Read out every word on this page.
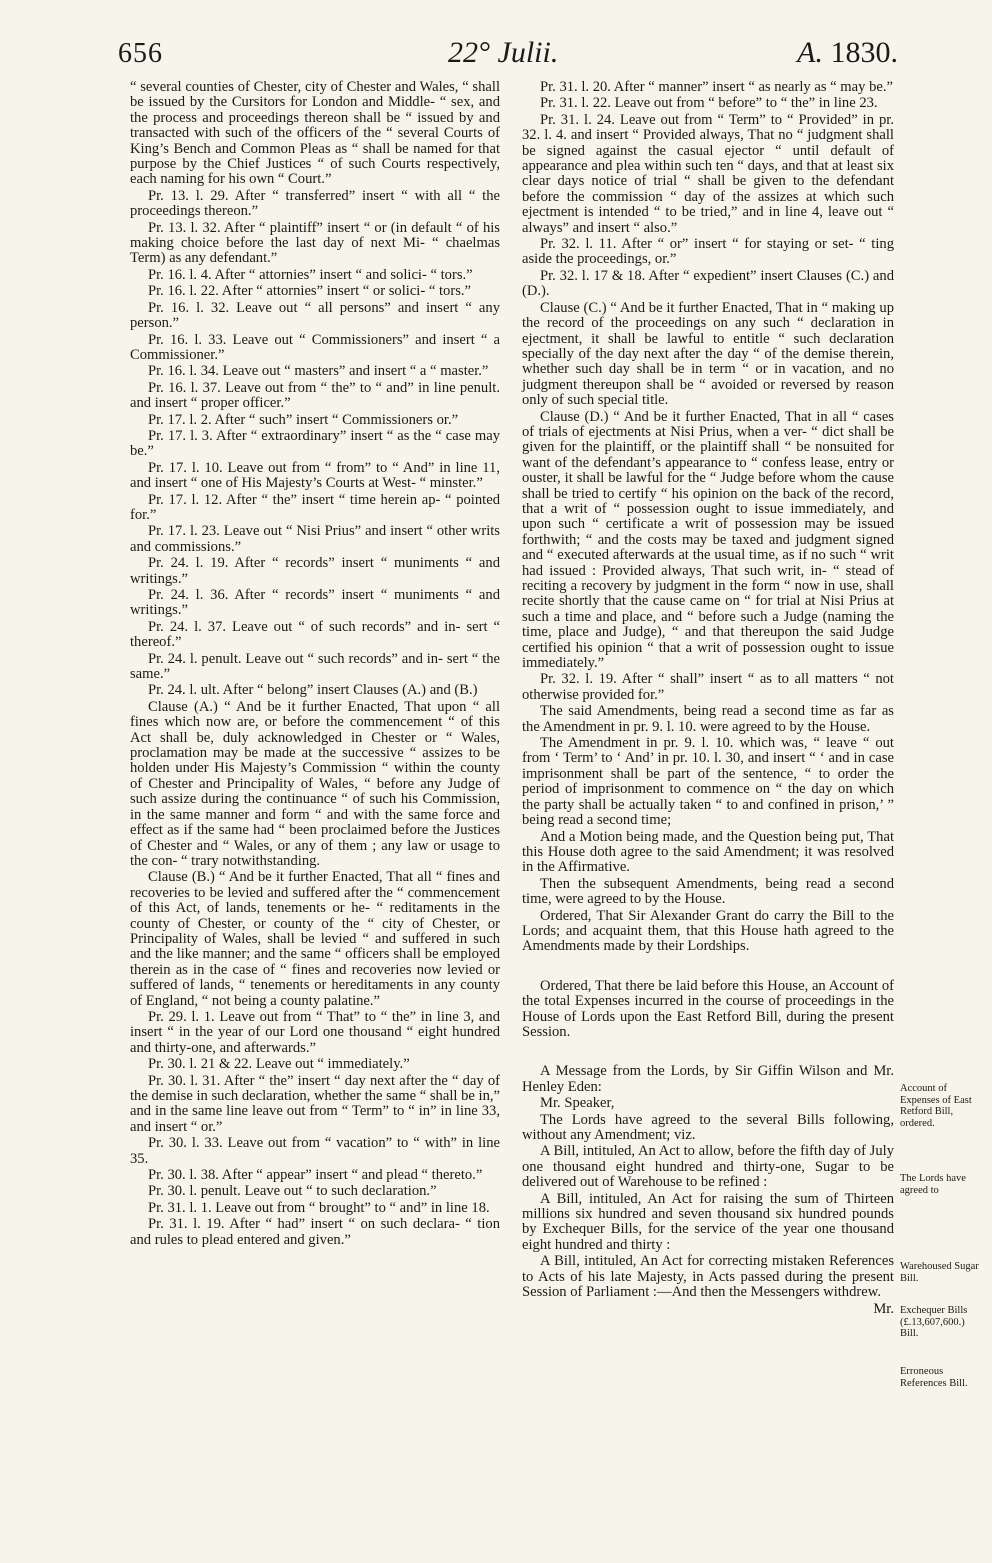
656	22° Julii.	A. 1830.

“ several counties of Chester, city of Chester and Wales, “ shall be issued by the Cursitors for London and Middle- “ sex, and the process and proceedings thereon shall be “ issued by and transacted with such of the officers of the “ several Courts of King’s Bench and Common Pleas as “ shall be named for that purpose by the Chief Justices “ of such Courts respectively, each naming for his own “ Court.”

Pr. 13. l. 29. After “ transferred” insert “ with all “ the proceedings thereon.”

Pr. 13. l. 32. After “ plaintiff” insert “ or (in default “ of his making choice before the last day of next Mi- “ chaelmas Term) as any defendant.”

Pr. 16. l. 4. After “ attornies” insert “ and solici- “ tors.”

Pr. 16. l. 22. After “ attornies” insert “ or solici- “ tors.”

Pr. 16. l. 32. Leave out “ all persons” and insert “ any person.”

Pr. 16. l. 33. Leave out “ Commissioners” and insert “ a Commissioner.”

Pr. 16. l. 34. Leave out “ masters” and insert “ a “ master.”

Pr. 16. l. 37. Leave out from “ the” to “ and” in line penult. and insert “ proper officer.”

Pr. 17. l. 2. After “ such” insert “ Commissioners or.”

Pr. 17. l. 3. After “ extraordinary” insert “ as the “ case may be.”

Pr. 17. l. 10. Leave out from “ from” to “ And” in line 11, and insert “ one of His Majesty’s Courts at West- “ minster.”

Pr. 17. l. 12. After “ the” insert “ time herein ap- “ pointed for.”

Pr. 17. l. 23. Leave out “ Nisi Prius” and insert “ other writs and commissions.”

Pr. 24. l. 19. After “ records” insert “ muniments “ and writings.”

Pr. 24. l. 36. After “ records” insert “ muniments “ and writings.”

Pr. 24. l. 37. Leave out “ of such records” and in- sert “ thereof.”

Pr. 24. l. penult. Leave out “ such records” and in- sert “ the same.”

Pr. 24. l. ult. After “ belong” insert Clauses (A.) and (B.)

Clause (A.) “ And be it further Enacted, That upon “ all fines which now are, or before the commencement “ of this Act shall be, duly acknowledged in Chester or “ Wales, proclamation may be made at the successive “ assizes to be holden under His Majesty’s Commission “ within the county of Chester and Principality of Wales, “ before any Judge of such assize during the continuance “ of such his Commission, in the same manner and form “ and with the same force and effect as if the same had “ been proclaimed before the Justices of Chester and “ Wales, or any of them ; any law or usage to the con- “ trary notwithstanding.

Clause (B.) “ And be it further Enacted, That all “ fines and recoveries to be levied and suffered after the “ commencement of this Act, of lands, tenements or he- “ reditaments in the county of Chester, or county of the “ city of Chester, or Principality of Wales, shall be levied “ and suffered in such and the like manner; and the same “ officers shall be employed therein as in the case of “ fines and recoveries now levied or suffered of lands, “ tenements or hereditaments in any county of England, “ not being a county palatine.”

Pr. 29. l. 1. Leave out from “ That” to “ the” in line 3, and insert “ in the year of our Lord one thousand “ eight hundred and thirty-one, and afterwards.”

Pr. 30. l. 21 & 22. Leave out “ immediately.”

Pr. 30. l. 31. After “ the” insert “ day next after the “ day of the demise in such declaration, whether the same “ shall be in,” and in the same line leave out from “ Term” to “ in” in line 33, and insert “ or.”

Pr. 30. l. 33. Leave out from “ vacation” to “ with” in line 35.

Pr. 30. l. 38. After “ appear” insert “ and plead “ thereto.”

Pr. 30. l. penult. Leave out “ to such declaration.”

Pr. 31. l. 1. Leave out from “ brought” to “ and” in line 18.

Pr. 31. l. 19. After “ had” insert “ on such declara- “ tion and rules to plead entered and given.”

Pr. 31. l. 20. After “ manner” insert “ as nearly as “ may be.”

Pr. 31. l. 22. Leave out from “ before” to “ the” in line 23.

Pr. 31. l. 24. Leave out from “ Term” to “ Provided” in pr. 32. l. 4. and insert “ Provided always, That no “ judgment shall be signed against the casual ejector “ until default of appearance and plea within such ten “ days, and that at least six clear days notice of trial “ shall be given to the defendant before the commission “ day of the assizes at which such ejectment is intended “ to be tried,” and in line 4, leave out “ always” and insert “ also.”

Pr. 32. l. 11. After “ or” insert “ for staying or set- “ ting aside the proceedings, or.”

Pr. 32. l. 17 & 18. After “ expedient” insert Clauses (C.) and (D.).

Clause (C.) “ And be it further Enacted, That in “ making up the record of the proceedings on any such “ declaration in ejectment, it shall be lawful to entitle “ such declaration specially of the day next after the day “ of the demise therein, whether such day shall be in term “ or in vacation, and no judgment thereupon shall be “ avoided or reversed by reason only of such special title.

Clause (D.) “ And be it further Enacted, That in all “ cases of trials of ejectments at Nisi Prius, when a ver- “ dict shall be given for the plaintiff, or the plaintiff shall “ be nonsuited for want of the defendant’s appearance to “ confess lease, entry or ouster, it shall be lawful for the “ Judge before whom the cause shall be tried to certify “ his opinion on the back of the record, that a writ of “ possession ought to issue immediately, and upon such “ certificate a writ of possession may be issued forthwith; “ and the costs may be taxed and judgment signed and “ executed afterwards at the usual time, as if no such “ writ had issued : Provided always, That such writ, in- “ stead of reciting a recovery by judgment in the form “ now in use, shall recite shortly that the cause came on “ for trial at Nisi Prius at such a time and place, and “ before such a Judge (naming the time, place and Judge), “ and that thereupon the said Judge certified his opinion “ that a writ of possession ought to issue immediately.”

Pr. 32. l. 19. After “ shall” insert “ as to all matters “ not otherwise provided for.”

The said Amendments, being read a second time as far as the Amendment in pr. 9. l. 10. were agreed to by the House.

The Amendment in pr. 9. l. 10. which was, “ leave “ out from ‘ Term’ to ‘ And’ in pr. 10. l. 30, and insert “ ‘ and in case imprisonment shall be part of the sentence, “ to order the period of imprisonment to commence on “ the day on which the party shall be actually taken “ to and confined in prison,’ ” being read a second time;

And a Motion being made, and the Question being put, That this House doth agree to the said Amendment; it was resolved in the Affirmative.

Then the subsequent Amendments, being read a second time, were agreed to by the House.

Ordered, That Sir Alexander Grant do carry the Bill to the Lords; and acquaint them, that this House hath agreed to the Amendments made by their Lordships.

Ordered, That there be laid before this House, an Account of the total Expenses incurred in the course of proceedings in the House of Lords upon the East Retford Bill, during the present Session.

A Message from the Lords, by Sir Giffin Wilson and Mr. Henley Eden:

Mr. Speaker,

The Lords have agreed to the several Bills following, without any Amendment; viz.

A Bill, intituled, An Act to allow, before the fifth day of July one thousand eight hundred and thirty-one, Sugar to be delivered out of Warehouse to be refined :

A Bill, intituled, An Act for raising the sum of Thirteen millions six hundred and seven thousand six hundred pounds by Exchequer Bills, for the service of the year one thousand eight hundred and thirty :

A Bill, intituled, An Act for correcting mistaken References to Acts of his late Majesty, in Acts passed during the present Session of Parliament :—And then the Messengers withdrew.

Mr.
Account of Expenses of East Retford Bill, ordered.
The Lords have agreed to
Warehoused Sugar Bill.
Exchequer Bills (£.13,607,600.) Bill.
Erroneous References Bill.
